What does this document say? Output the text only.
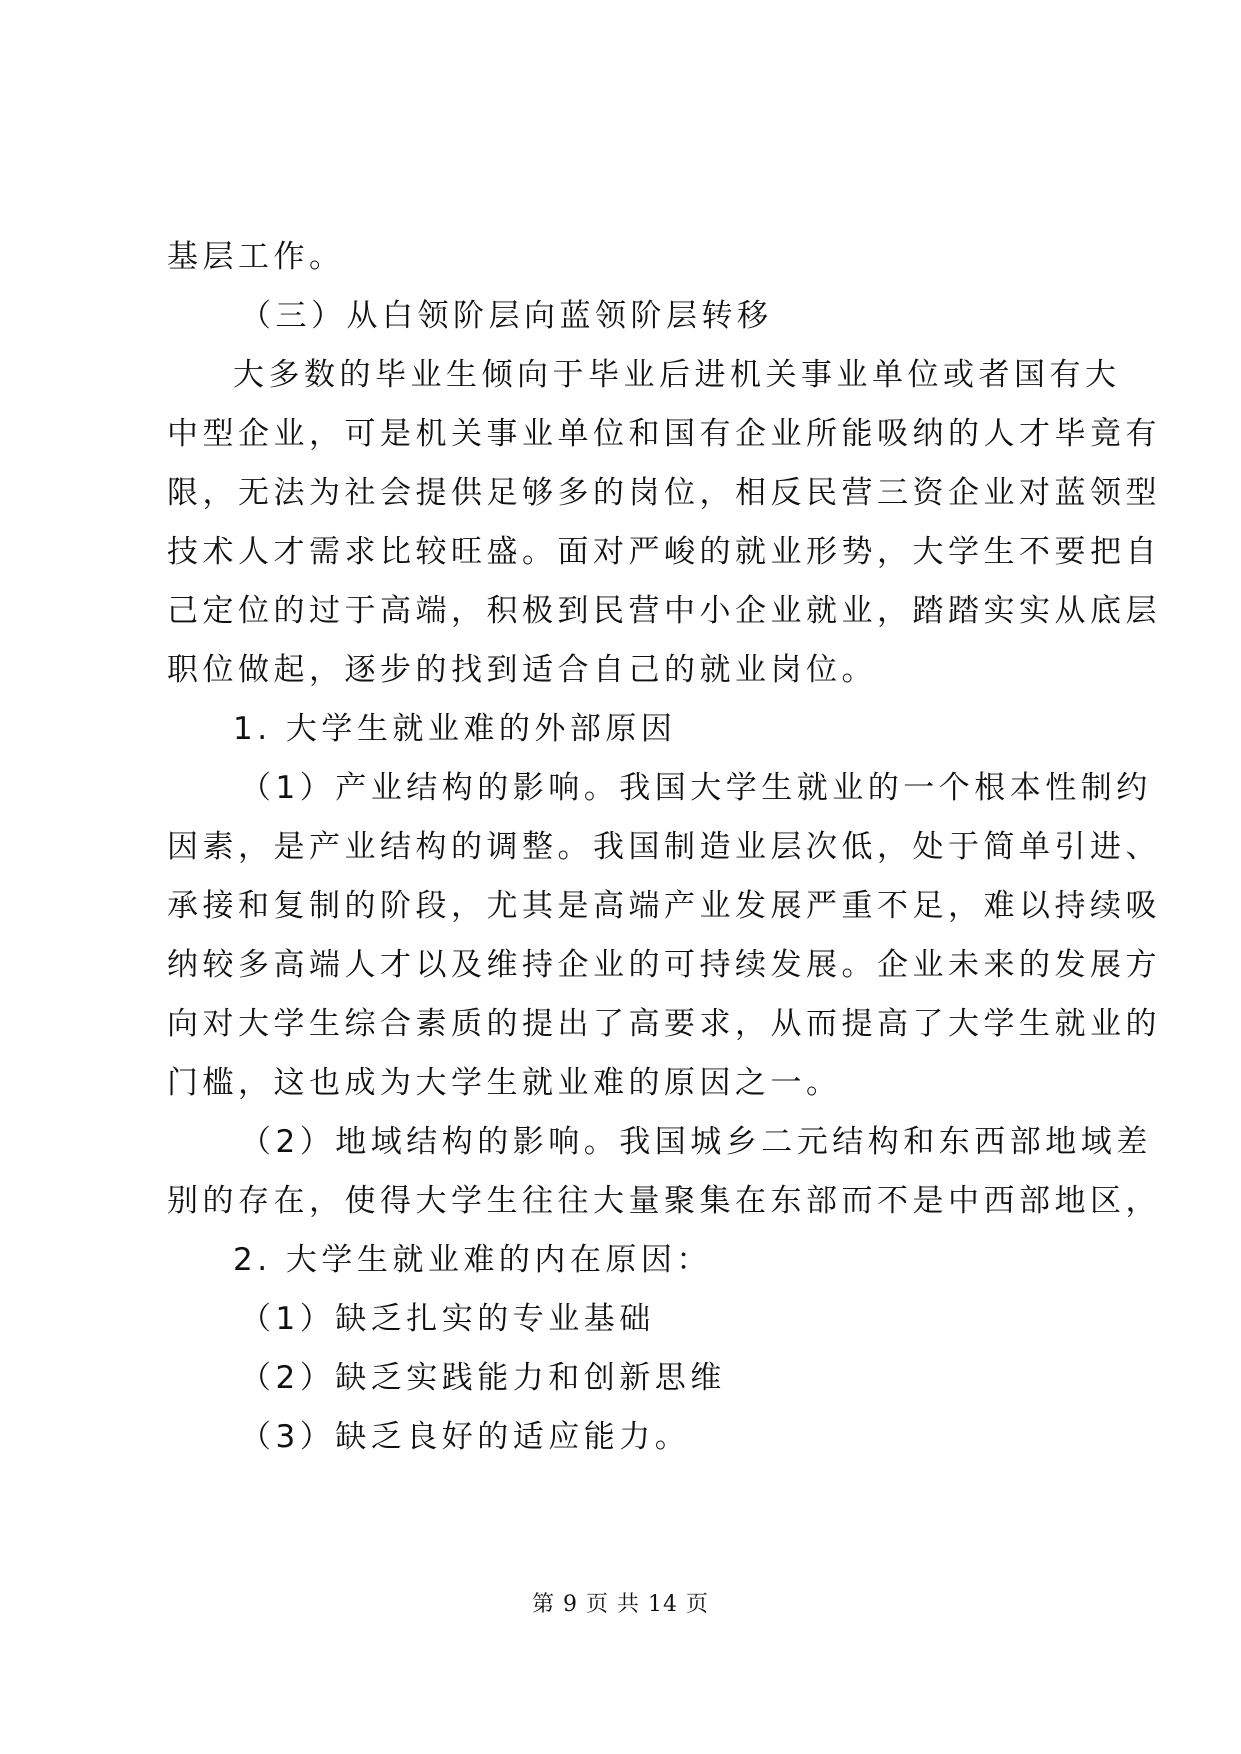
基层工作。
（三）从白领阶层向蓝领阶层转移
大多数的毕业生倾向于毕业后进机关事业单位或者国有大
中型企业，可是机关事业单位和国有企业所能吸纳的人才毕竟有
限，无法为社会提供足够多的岗位，相反民营三资企业对蓝领型
技术人才需求比较旺盛。面对严峻的就业形势，大学生不要把自
己定位的过于高端，积极到民营中小企业就业，踏踏实实从底层
职位做起，逐步的找到适合自己的就业岗位。
1. 大学生就业难的外部原因
（1）产业结构的影响。我国大学生就业的一个根本性制约
因素，是产业结构的调整。我国制造业层次低，处于简单引进、
承接和复制的阶段，尤其是高端产业发展严重不足，难以持续吸
纳较多高端人才以及维持企业的可持续发展。企业未来的发展方
向对大学生综合素质的提出了高要求，从而提高了大学生就业的
门槛，这也成为大学生就业难的原因之一。
（2）地域结构的影响。我国城乡二元结构和东西部地域差
别的存在，使得大学生往往大量聚集在东部而不是中西部地区，
2. 大学生就业难的内在原因：
（1）缺乏扎实的专业基础
（2）缺乏实践能力和创新思维
（3）缺乏良好的适应能力。
第 9 页 共 14 页
